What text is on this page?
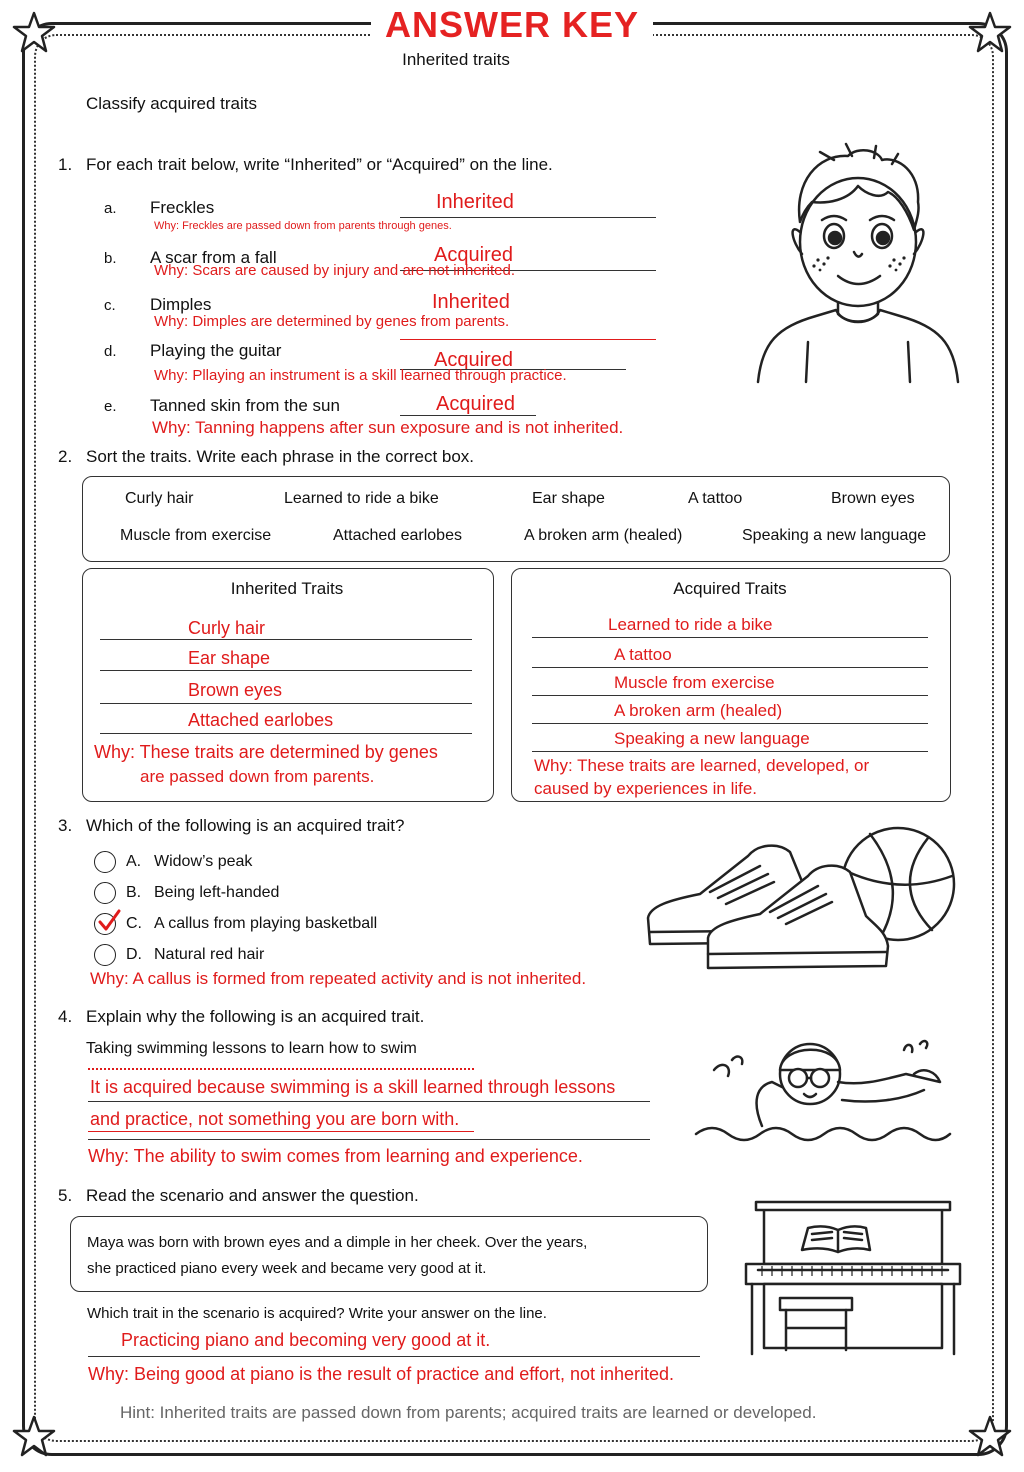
ANSWER KEY
Inherited traits
Classify acquired traits
1. For each trait below, write “Inherited” or “Acquired” on the line.
a. Freckles	Inherited
Why: Freckles are passed down from parents through genes.
b. A scar from a fall	Acquired
Why: Scars are caused by injury and are not inherited.
c. Dimples	Inherited
Why: Dimples are determined by genes from parents.
d. Playing the guitar	Acquired
Why: Pllaying an instrument is a skill learned through practice.
e. Tanned skin from the sun	Acquired
Why: Tanning happens after sun exposure and is not inherited.
2. Sort the traits. Write each phrase in the correct box.
Curly hair	Learned to ride a bike	Ear shape	A tattoo	Brown eyes
Muscle from exercise	Attached earlobes	A broken arm (healed)	Speaking a new language
Inherited Traits
Curly hair
Ear shape
Brown eyes
Attached earlobes
Why: These traits are determined by genes
are passed down from parents.
Acquired Traits
Learned to ride a bike
A tattoo
Muscle from exercise
A broken arm (healed)
Speaking a new language
Why: These traits are learned, developed, or
caused by experiences in life.
3. Which of the following is an acquired trait?
A. Widow’s peak
B. Being left-handed
C. A callus from playing basketball
D. Natural red hair
Why: A callus is formed from repeated activity and is not inherited.
4. Explain why the following is an acquired trait.
Taking swimming lessons to learn how to swim
It is acquired because swimming is a skill learned through lessons
and practice, not something you are born with.
Why: The ability to swim comes from learning and experience.
5. Read the scenario and answer the question.
Maya was born with brown eyes and a dimple in her cheek. Over the years,
she practiced piano every week and became very good at it.
Which trait in the scenario is acquired? Write your answer on the line.
Practicing piano and becoming very good at it.
Why: Being good at piano is the result of practice and effort, not inherited.
Hint: Inherited traits are passed down from parents; acquired traits are learned or developed.
